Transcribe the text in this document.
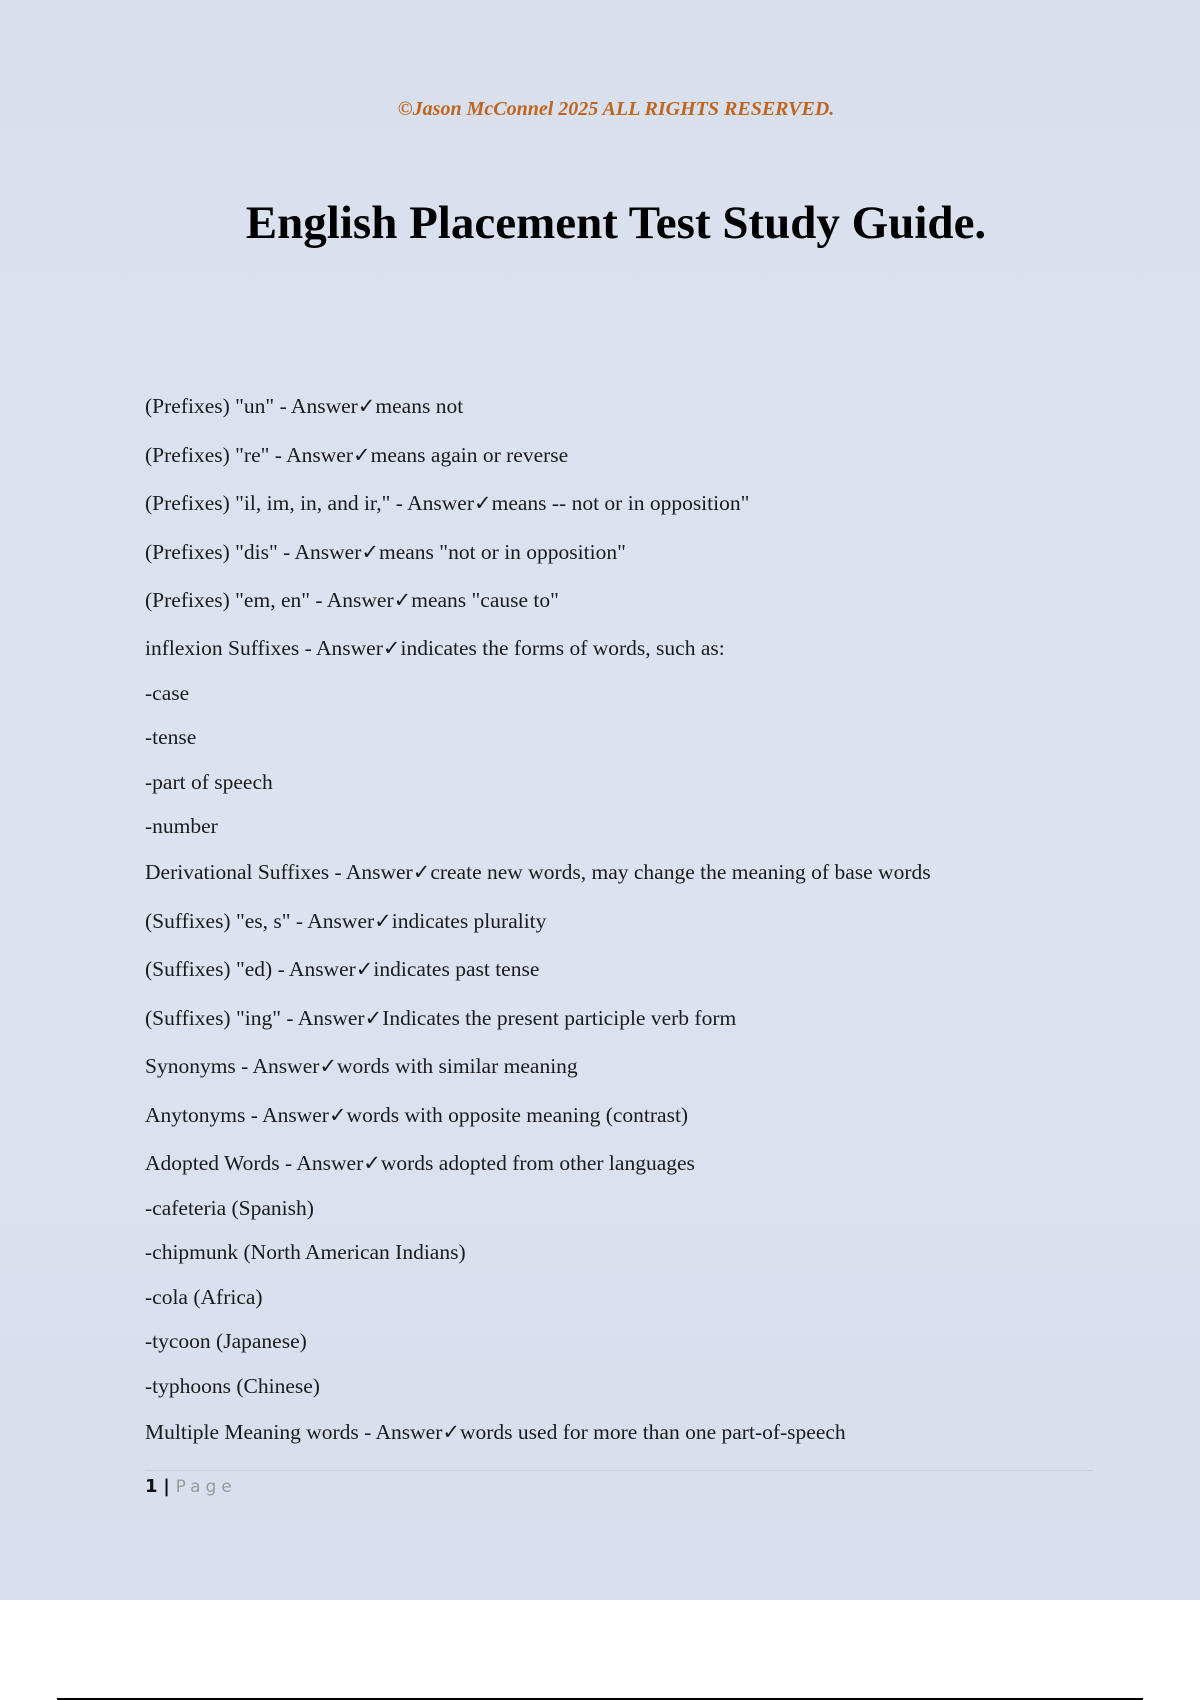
©Jason McConnel 2025 ALL RIGHTS RESERVED.
English Placement Test Study Guide.
(Prefixes) "un" - Answer✓means not
(Prefixes) "re" - Answer✓means again or reverse
(Prefixes) "il, im, in, and ir," - Answer✓means -- not or in opposition"
(Prefixes) "dis" - Answer✓means "not or in opposition"
(Prefixes) "em, en" - Answer✓means "cause to"
inflexion Suffixes - Answer✓indicates the forms of words, such as:
-case
-tense
-part of speech
-number
Derivational Suffixes - Answer✓create new words, may change the meaning of base words
(Suffixes) "es, s" - Answer✓indicates plurality
(Suffixes) "ed) - Answer✓indicates past tense
(Suffixes) "ing" - Answer✓Indicates the present participle verb form
Synonyms - Answer✓words with similar meaning
Anytonyms - Answer✓words with opposite meaning (contrast)
Adopted Words - Answer✓words adopted from other languages
-cafeteria (Spanish)
-chipmunk (North American Indians)
-cola (Africa)
-tycoon (Japanese)
-typhoons (Chinese)
Multiple Meaning words - Answer✓words used for more than one part-of-speech
1 | Page
